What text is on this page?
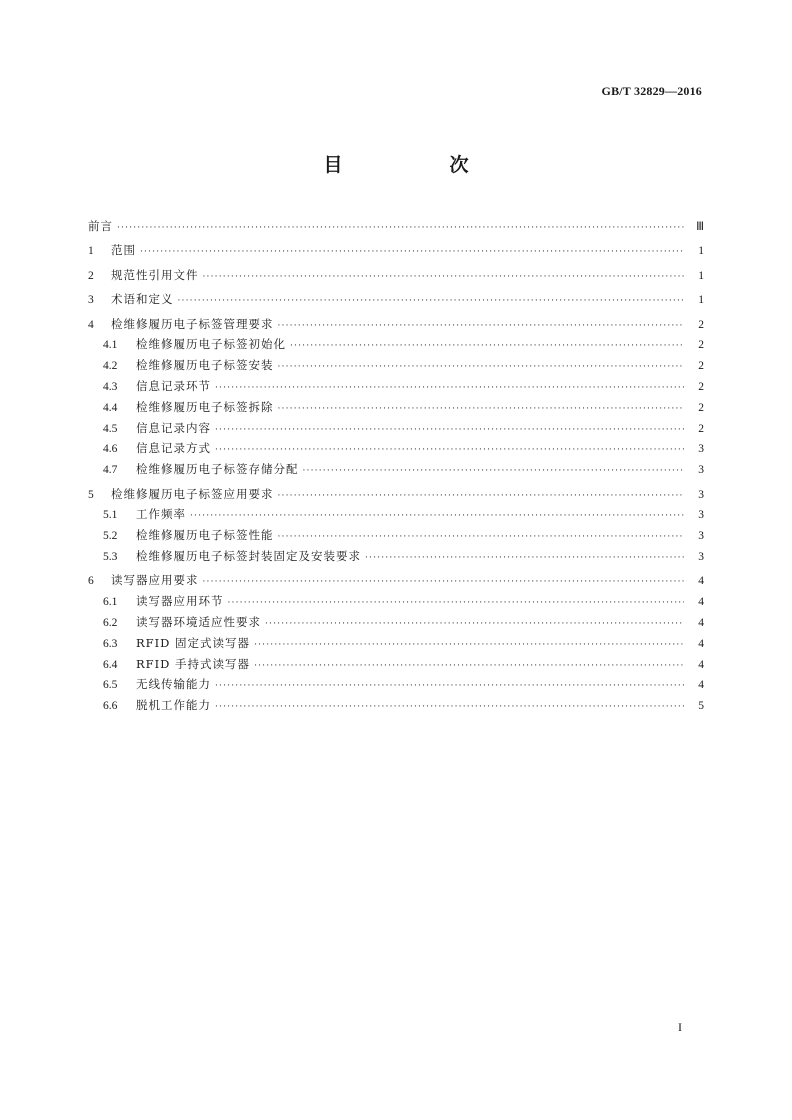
GB/T 32829—2016
目　次
前言 ·····	Ⅲ
1	范围 ·····	1
2	规范性引用文件 ·····	1
3	术语和定义 ·····	1
4	检维修履历电子标签管理要求 ·····	2
4.1	检维修履历电子标签初始化 ·····	2
4.2	检维修履历电子标签安装 ·····	2
4.3	信息记录环节 ·····	2
4.4	检维修履历电子标签拆除 ·····	2
4.5	信息记录内容 ·····	2
4.6	信息记录方式 ·····	3
4.7	检维修履历电子标签存储分配 ·····	3
5	检维修履历电子标签应用要求 ·····	3
5.1	工作频率 ·····	3
5.2	检维修履历电子标签性能 ·····	3
5.3	检维修履历电子标签封装固定及安装要求 ·····	3
6	读写器应用要求 ·····	4
6.1	读写器应用环节 ·····	4
6.2	读写器环境适应性要求 ·····	4
6.3	RFID 固定式读写器 ·····	4
6.4	RFID 手持式读写器 ·····	4
6.5	无线传输能力 ·····	4
6.6	脱机工作能力 ·····	5
I
